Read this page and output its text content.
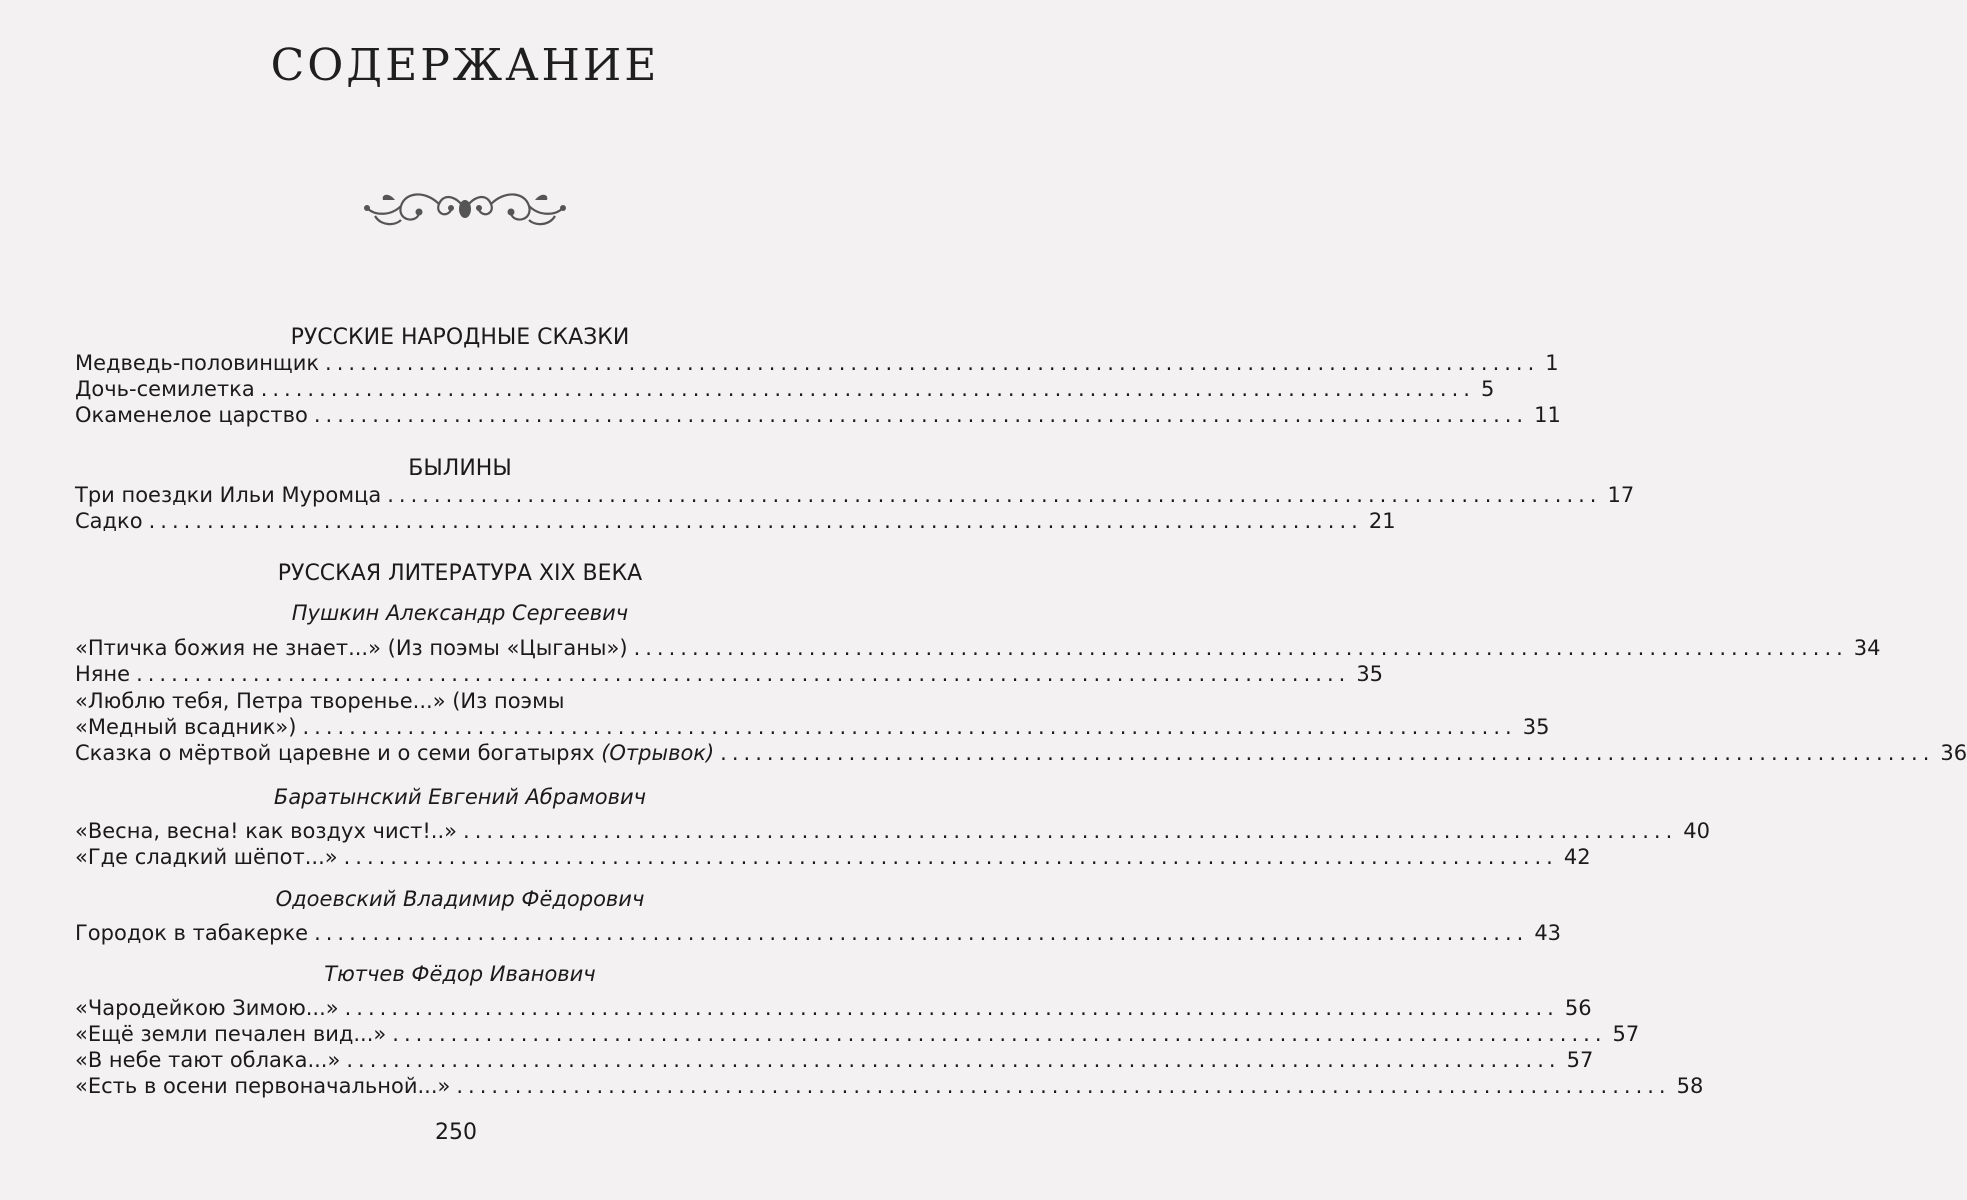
СОДЕРЖАНИЕ
РУССКИЕ НАРОДНЫЕ СКАЗКИ
Медведь-половинщик ........................................................................................................ 1
Дочь-семилетка ........................................................................................................ 5
Окаменелое царство ........................................................................................................ 11
БЫЛИНЫ
Три поездки Ильи Муромца ........................................................................................................ 17
Садко ........................................................................................................ 21
РУССКАЯ ЛИТЕРАТУРА XIX ВЕКА
Пушкин Александр Сергеевич
«Птичка божия не знает...» (Из поэмы «Цыганы») ........................................................................................................ 34
Няне ........................................................................................................ 35
«Люблю тебя, Петра творенье...» (Из поэмы
«Медный всадник») ........................................................................................................ 35
Сказка о мёртвой царевне и о семи богатырях (Отрывок) ........................................................................................................ 36
Баратынский Евгений Абрамович
«Весна, весна! как воздух чист!..» ........................................................................................................ 40
«Где сладкий шёпот...» ........................................................................................................ 42
Одоевский Владимир Фёдорович
Городок в табакерке ........................................................................................................ 43
Тютчев Фёдор Иванович
«Чародейкою Зимою...» ........................................................................................................ 56
«Ещё земли печален вид...» ........................................................................................................ 57
«В небе тают облака...» ........................................................................................................ 57
«Есть в осени первоначальной...» ........................................................................................................ 58
250
